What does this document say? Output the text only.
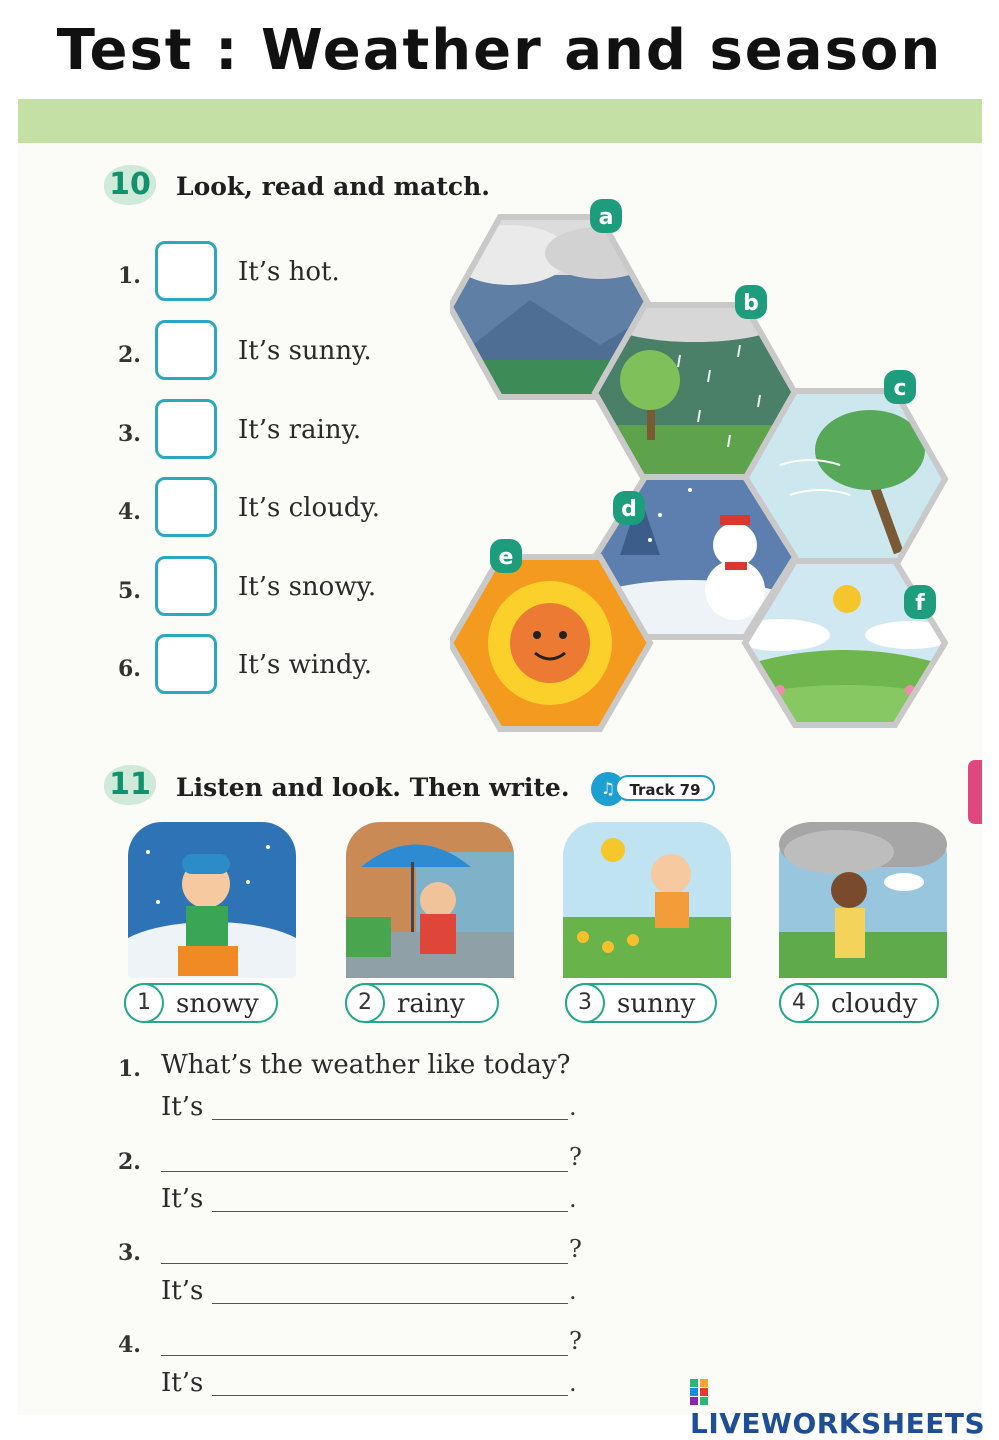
Test : Weather and season
10 Look, read and match.
1.	It’s hot.
2.	It’s sunny.
3.	It’s rainy.
4.	It’s cloudy.
5.	It’s snowy.
6.	It’s windy.
a
b
c
d
e
f
11 Listen and look. Then write.	♫ Track 79
1 snowy	2 rainy	3 sunny	4 cloudy
1. What’s the weather like today?
It’s	.
2.	?
It’s	.
3.	?
It’s	.
4.	?
It’s	.
LIVEWORKSHEETS
